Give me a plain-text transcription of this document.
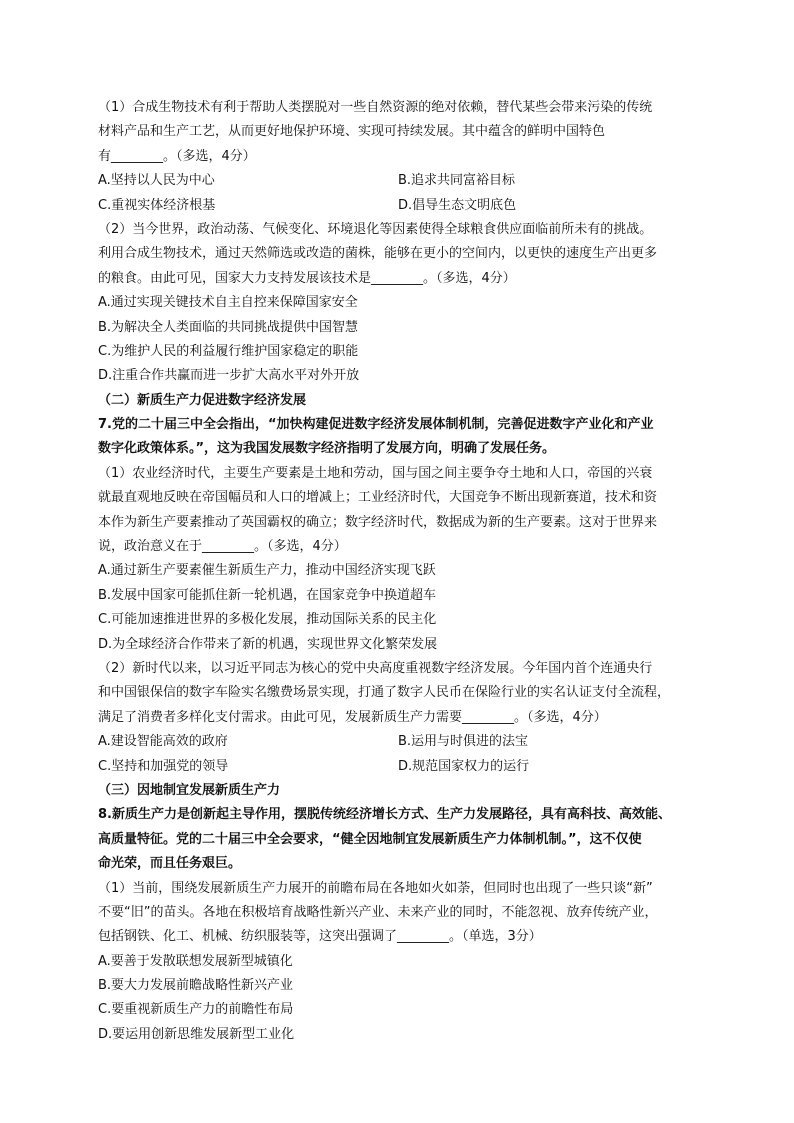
（1）合成生物技术有利于帮助人类摆脱对一些自然资源的绝对依赖，替代某些会带来污染的传统
材料产品和生产工艺，从而更好地保护环境、实现可持续发展。其中蕴含的鲜明中国特色
有________。（多选，4分）
A.坚持以人民为中心	B.追求共同富裕目标
C.重视实体经济根基	D.倡导生态文明底色
（2）当今世界，政治动荡、气候变化、环境退化等因素使得全球粮食供应面临前所未有的挑战。
利用合成生物技术，通过天然筛选或改造的菌株，能够在更小的空间内，以更快的速度生产出更多
的粮食。由此可见，国家大力支持发展该技术是________。（多选，4分）
A.通过实现关键技术自主自控来保障国家安全
B.为解决全人类面临的共同挑战提供中国智慧
C.为维护人民的利益履行维护国家稳定的职能
D.注重合作共赢而进一步扩大高水平对外开放
（二）新质生产力促进数字经济发展
7.党的二十届三中全会指出，“加快构建促进数字经济发展体制机制，完善促进数字产业化和产业
数字化政策体系。”，这为我国发展数字经济指明了发展方向，明确了发展任务。
（1）农业经济时代，主要生产要素是土地和劳动，国与国之间主要争夺土地和人口，帝国的兴衰
就最直观地反映在帝国幅员和人口的增减上；工业经济时代，大国竞争不断出现新赛道，技术和资
本作为新生产要素推动了英国霸权的确立；数字经济时代，数据成为新的生产要素。这对于世界来
说，政治意义在于________。（多选，4分）
A.通过新生产要素催生新质生产力，推动中国经济实现飞跃
B.发展中国家可能抓住新一轮机遇，在国家竞争中换道超车
C.可能加速推进世界的多极化发展，推动国际关系的民主化
D.为全球经济合作带来了新的机遇，实现世界文化繁荣发展
（2）新时代以来，以习近平同志为核心的党中央高度重视数字经济发展。今年国内首个连通央行
和中国银保信的数字车险实名缴费场景实现，打通了数字人民币在保险行业的实名认证支付全流程，
满足了消费者多样化支付需求。由此可见，发展新质生产力需要________。（多选，4分）
A.建设智能高效的政府	B.运用与时俱进的法宝
C.坚持和加强党的领导	D.规范国家权力的运行
（三）因地制宜发展新质生产力
8.新质生产力是创新起主导作用，摆脱传统经济增长方式、生产力发展路径，具有高科技、高效能、
高质量特征。党的二十届三中全会要求，“健全因地制宜发展新质生产力体制机制。”，这不仅使
命光荣，而且任务艰巨。
（1）当前，围绕发展新质生产力展开的前瞻布局在各地如火如荼，但同时也出现了一些只谈“新”
不要“旧”的苗头。各地在积极培育战略性新兴产业、未来产业的同时，不能忽视、放弃传统产业，
包括钢铁、化工、机械、纺织服装等，这突出强调了________。（单选，3分）
A.要善于发散联想发展新型城镇化
B.要大力发展前瞻战略性新兴产业
C.要重视新质生产力的前瞻性布局
D.要运用创新思维发展新型工业化
